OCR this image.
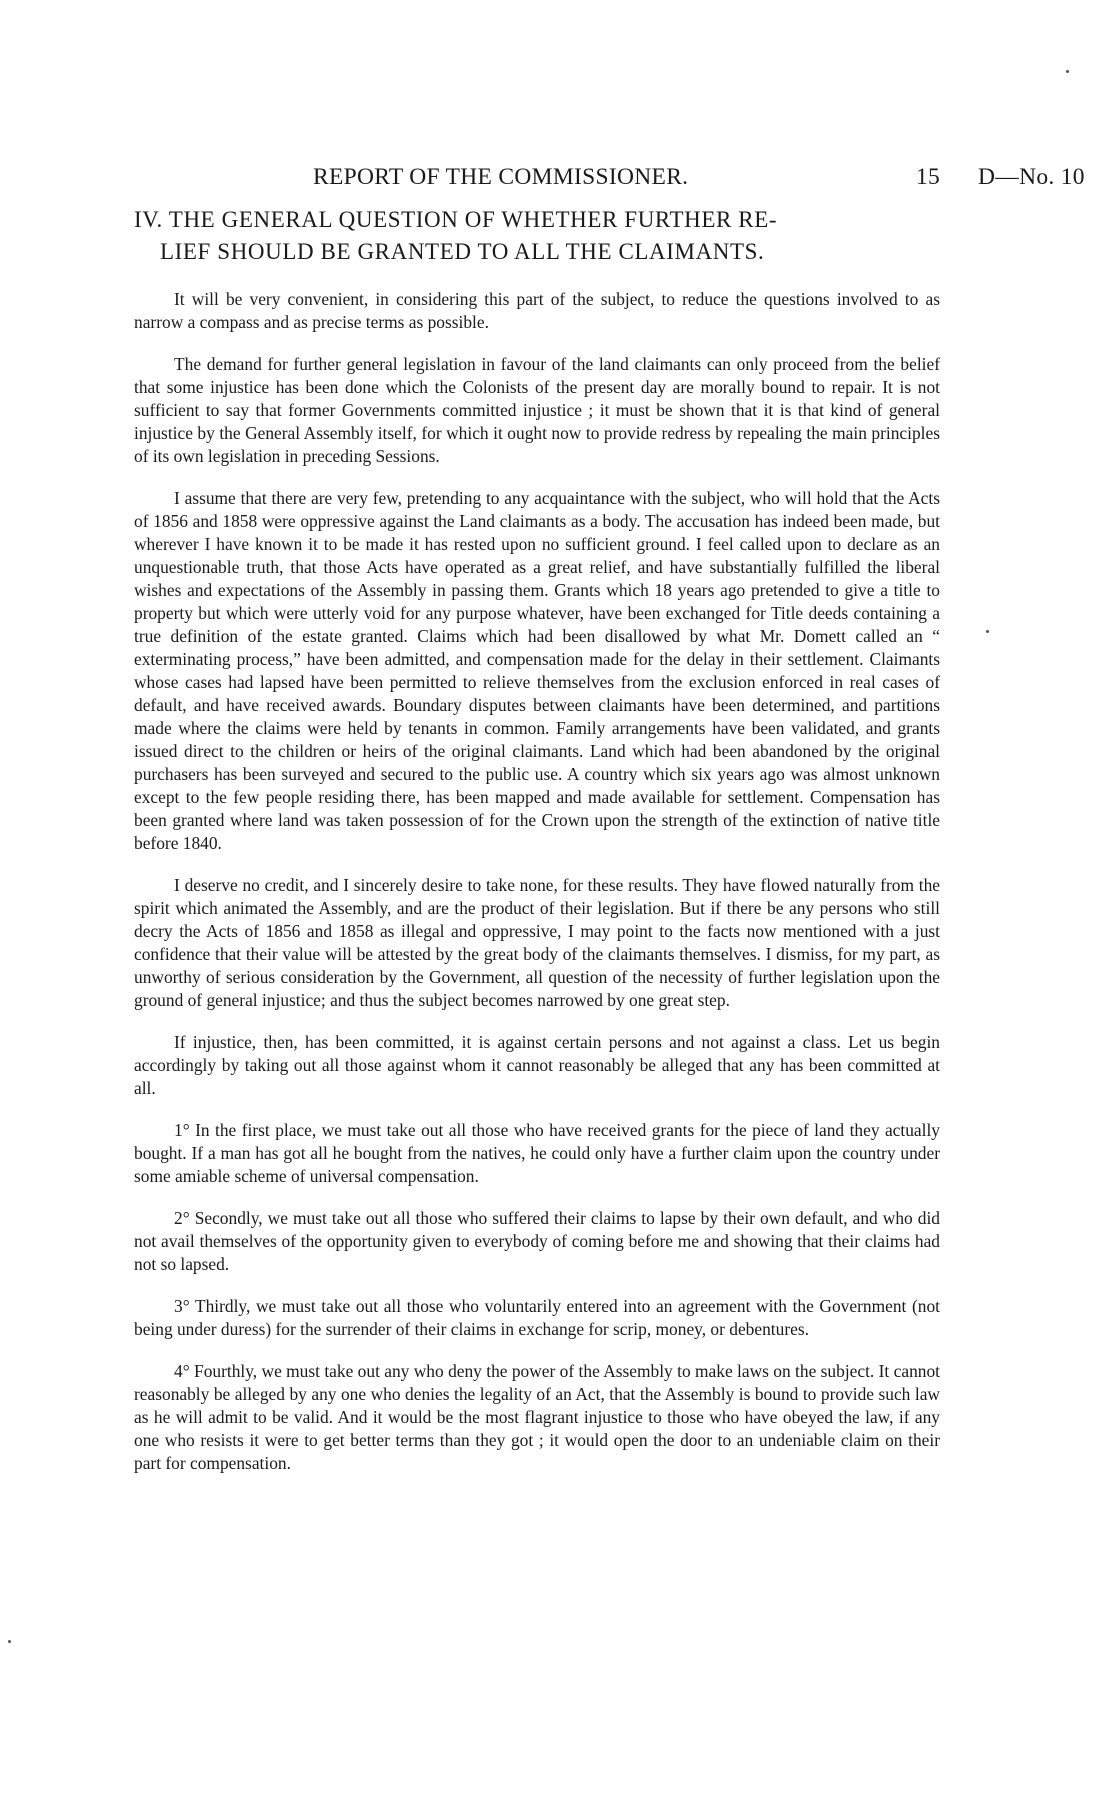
REPORT OF THE COMMISSIONER.	15 D—No. 10
IV. THE GENERAL QUESTION OF WHETHER FURTHER RE-
LIEF SHOULD BE GRANTED TO ALL THE CLAIMANTS.

It will be very convenient, in considering this part of the subject, to reduce the questions involved to as narrow a compass and as precise terms as possible.

The demand for further general legislation in favour of the land claimants can only proceed from the belief that some injustice has been done which the Colonists of the present day are morally bound to repair. It is not sufficient to say that former Governments committed injustice ; it must be shown that it is that kind of general injustice by the General Assembly itself, for which it ought now to provide redress by repealing the main principles of its own legislation in preceding Sessions.

I assume that there are very few, pretending to any acquaintance with the subject, who will hold that the Acts of 1856 and 1858 were oppressive against the Land claimants as a body. The accusation has indeed been made, but wherever I have known it to be made it has rested upon no sufficient ground. I feel called upon to declare as an unquestionable truth, that those Acts have operated as a great relief, and have substantially fulfilled the liberal wishes and expectations of the Assembly in passing them. Grants which 18 years ago pretended to give a title to property but which were utterly void for any purpose whatever, have been exchanged for Title deeds containing a true definition of the estate granted. Claims which had been disallowed by what Mr. Domett called an “ exterminating process,” have been admitted, and compensation made for the delay in their settlement. Claimants whose cases had lapsed have been permitted to relieve themselves from the exclusion enforced in real cases of default, and have received awards. Boundary disputes between claimants have been determined, and partitions made where the claims were held by tenants in common. Family arrangements have been validated, and grants issued direct to the children or heirs of the original claimants. Land which had been abandoned by the original purchasers has been surveyed and secured to the public use. A country which six years ago was almost unknown except to the few people residing there, has been mapped and made available for settlement. Compensation has been granted where land was taken possession of for the Crown upon the strength of the extinction of native title before 1840.

I deserve no credit, and I sincerely desire to take none, for these results. They have flowed naturally from the spirit which animated the Assembly, and are the product of their legislation. But if there be any persons who still decry the Acts of 1856 and 1858 as illegal and oppressive, I may point to the facts now mentioned with a just confidence that their value will be attested by the great body of the claimants themselves. I dismiss, for my part, as unworthy of serious consideration by the Government, all question of the necessity of further legislation upon the ground of general injustice; and thus the subject becomes narrowed by one great step.

If injustice, then, has been committed, it is against certain persons and not against a class. Let us begin accordingly by taking out all those against whom it cannot reasonably be alleged that any has been committed at all.

1° In the first place, we must take out all those who have received grants for the piece of land they actually bought. If a man has got all he bought from the natives, he could only have a further claim upon the country under some amiable scheme of universal compensation.

2° Secondly, we must take out all those who suffered their claims to lapse by their own default, and who did not avail themselves of the opportunity given to everybody of coming before me and showing that their claims had not so lapsed.

3° Thirdly, we must take out all those who voluntarily entered into an agreement with the Government (not being under duress) for the surrender of their claims in exchange for scrip, money, or debentures.

4° Fourthly, we must take out any who deny the power of the Assembly to make laws on the subject. It cannot reasonably be alleged by any one who denies the legality of an Act, that the Assembly is bound to provide such law as he will admit to be valid. And it would be the most flagrant injustice to those who have obeyed the law, if any one who resists it were to get better terms than they got ; it would open the door to an undeniable claim on their part for compensation.
